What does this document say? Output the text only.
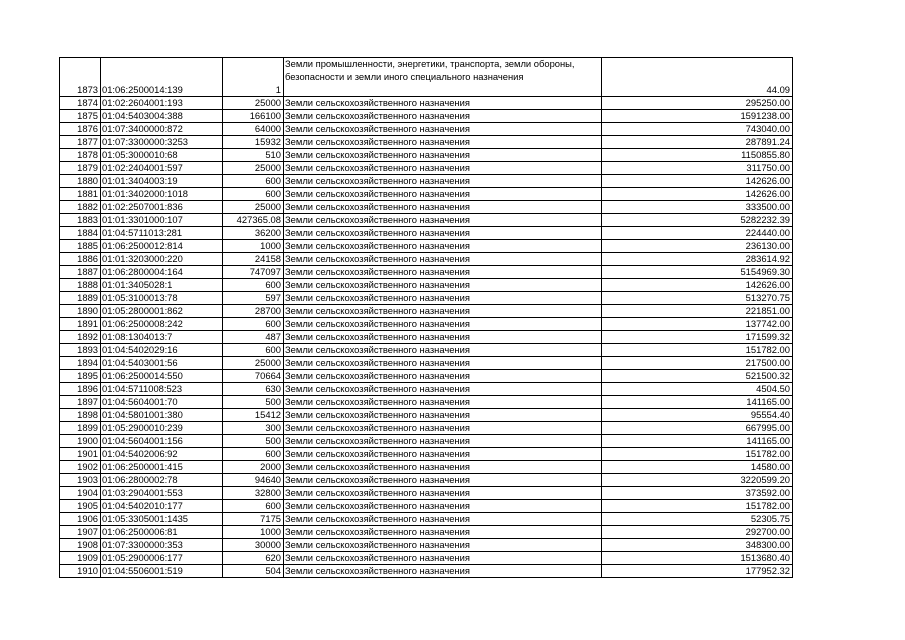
1873	01:06:2500014:139	1	Земли промышленности, энергетики, транспорта, земли обороны, безопасности и земли иного специального назначения	44.09
1874	01:02:2604001:193	25000	Земли сельскохозяйственного назначения	295250.00
1875	01:04:5403004:388	166100	Земли сельскохозяйственного назначения	1591238.00
1876	01:07:3400000:872	64000	Земли сельскохозяйственного назначения	743040.00
1877	01:07:3300000:3253	15932	Земли сельскохозяйственного назначения	287891.24
1878	01:05:3000010:68	510	Земли сельскохозяйственного назначения	1150855.80
1879	01:02:2404001:597	25000	Земли сельскохозяйственного назначения	311750.00
1880	01:01:3404003:19	600	Земли сельскохозяйственного назначения	142626.00
1881	01:01:3402000:1018	600	Земли сельскохозяйственного назначения	142626.00
1882	01:02:2507001:836	25000	Земли сельскохозяйственного назначения	333500.00
1883	01:01:3301000:107	427365.08	Земли сельскохозяйственного назначения	5282232.39
1884	01:04:5711013:281	36200	Земли сельскохозяйственного назначения	224440.00
1885	01:06:2500012:814	1000	Земли сельскохозяйственного назначения	236130.00
1886	01:01:3203000:220	24158	Земли сельскохозяйственного назначения	283614.92
1887	01:06:2800004:164	747097	Земли сельскохозяйственного назначения	5154969.30
1888	01:01:3405028:1	600	Земли сельскохозяйственного назначения	142626.00
1889	01:05:3100013:78	597	Земли сельскохозяйственного назначения	513270.75
1890	01:05:2800001:862	28700	Земли сельскохозяйственного назначения	221851.00
1891	01:06:2500008:242	600	Земли сельскохозяйственного назначения	137742.00
1892	01:08:1304013:7	487	Земли сельскохозяйственного назначения	171599.32
1893	01:04:5402029:16	600	Земли сельскохозяйственного назначения	151782.00
1894	01:04:5403001:56	25000	Земли сельскохозяйственного назначения	217500.00
1895	01:06:2500014:550	70664	Земли сельскохозяйственного назначения	521500.32
1896	01:04:5711008:523	630	Земли сельскохозяйственного назначения	4504.50
1897	01:04:5604001:70	500	Земли сельскохозяйственного назначения	141165.00
1898	01:04:5801001:380	15412	Земли сельскохозяйственного назначения	95554.40
1899	01:05:2900010:239	300	Земли сельскохозяйственного назначения	667995.00
1900	01:04:5604001:156	500	Земли сельскохозяйственного назначения	141165.00
1901	01:04:5402006:92	600	Земли сельскохозяйственного назначения	151782.00
1902	01:06:2500001:415	2000	Земли сельскохозяйственного назначения	14580.00
1903	01:06:2800002:78	94640	Земли сельскохозяйственного назначения	3220599.20
1904	01:03:2904001:553	32800	Земли сельскохозяйственного назначения	373592.00
1905	01:04:5402010:177	600	Земли сельскохозяйственного назначения	151782.00
1906	01:05:3305001:1435	7175	Земли сельскохозяйственного назначения	52305.75
1907	01:06:2500006:81	1000	Земли сельскохозяйственного назначения	292700.00
1908	01:07:3300000:353	30000	Земли сельскохозяйственного назначения	348300.00
1909	01:05:2900006:177	620	Земли сельскохозяйственного назначения	1513680.40
1910	01:04:5506001:519	504	Земли сельскохозяйственного назначения	177952.32
